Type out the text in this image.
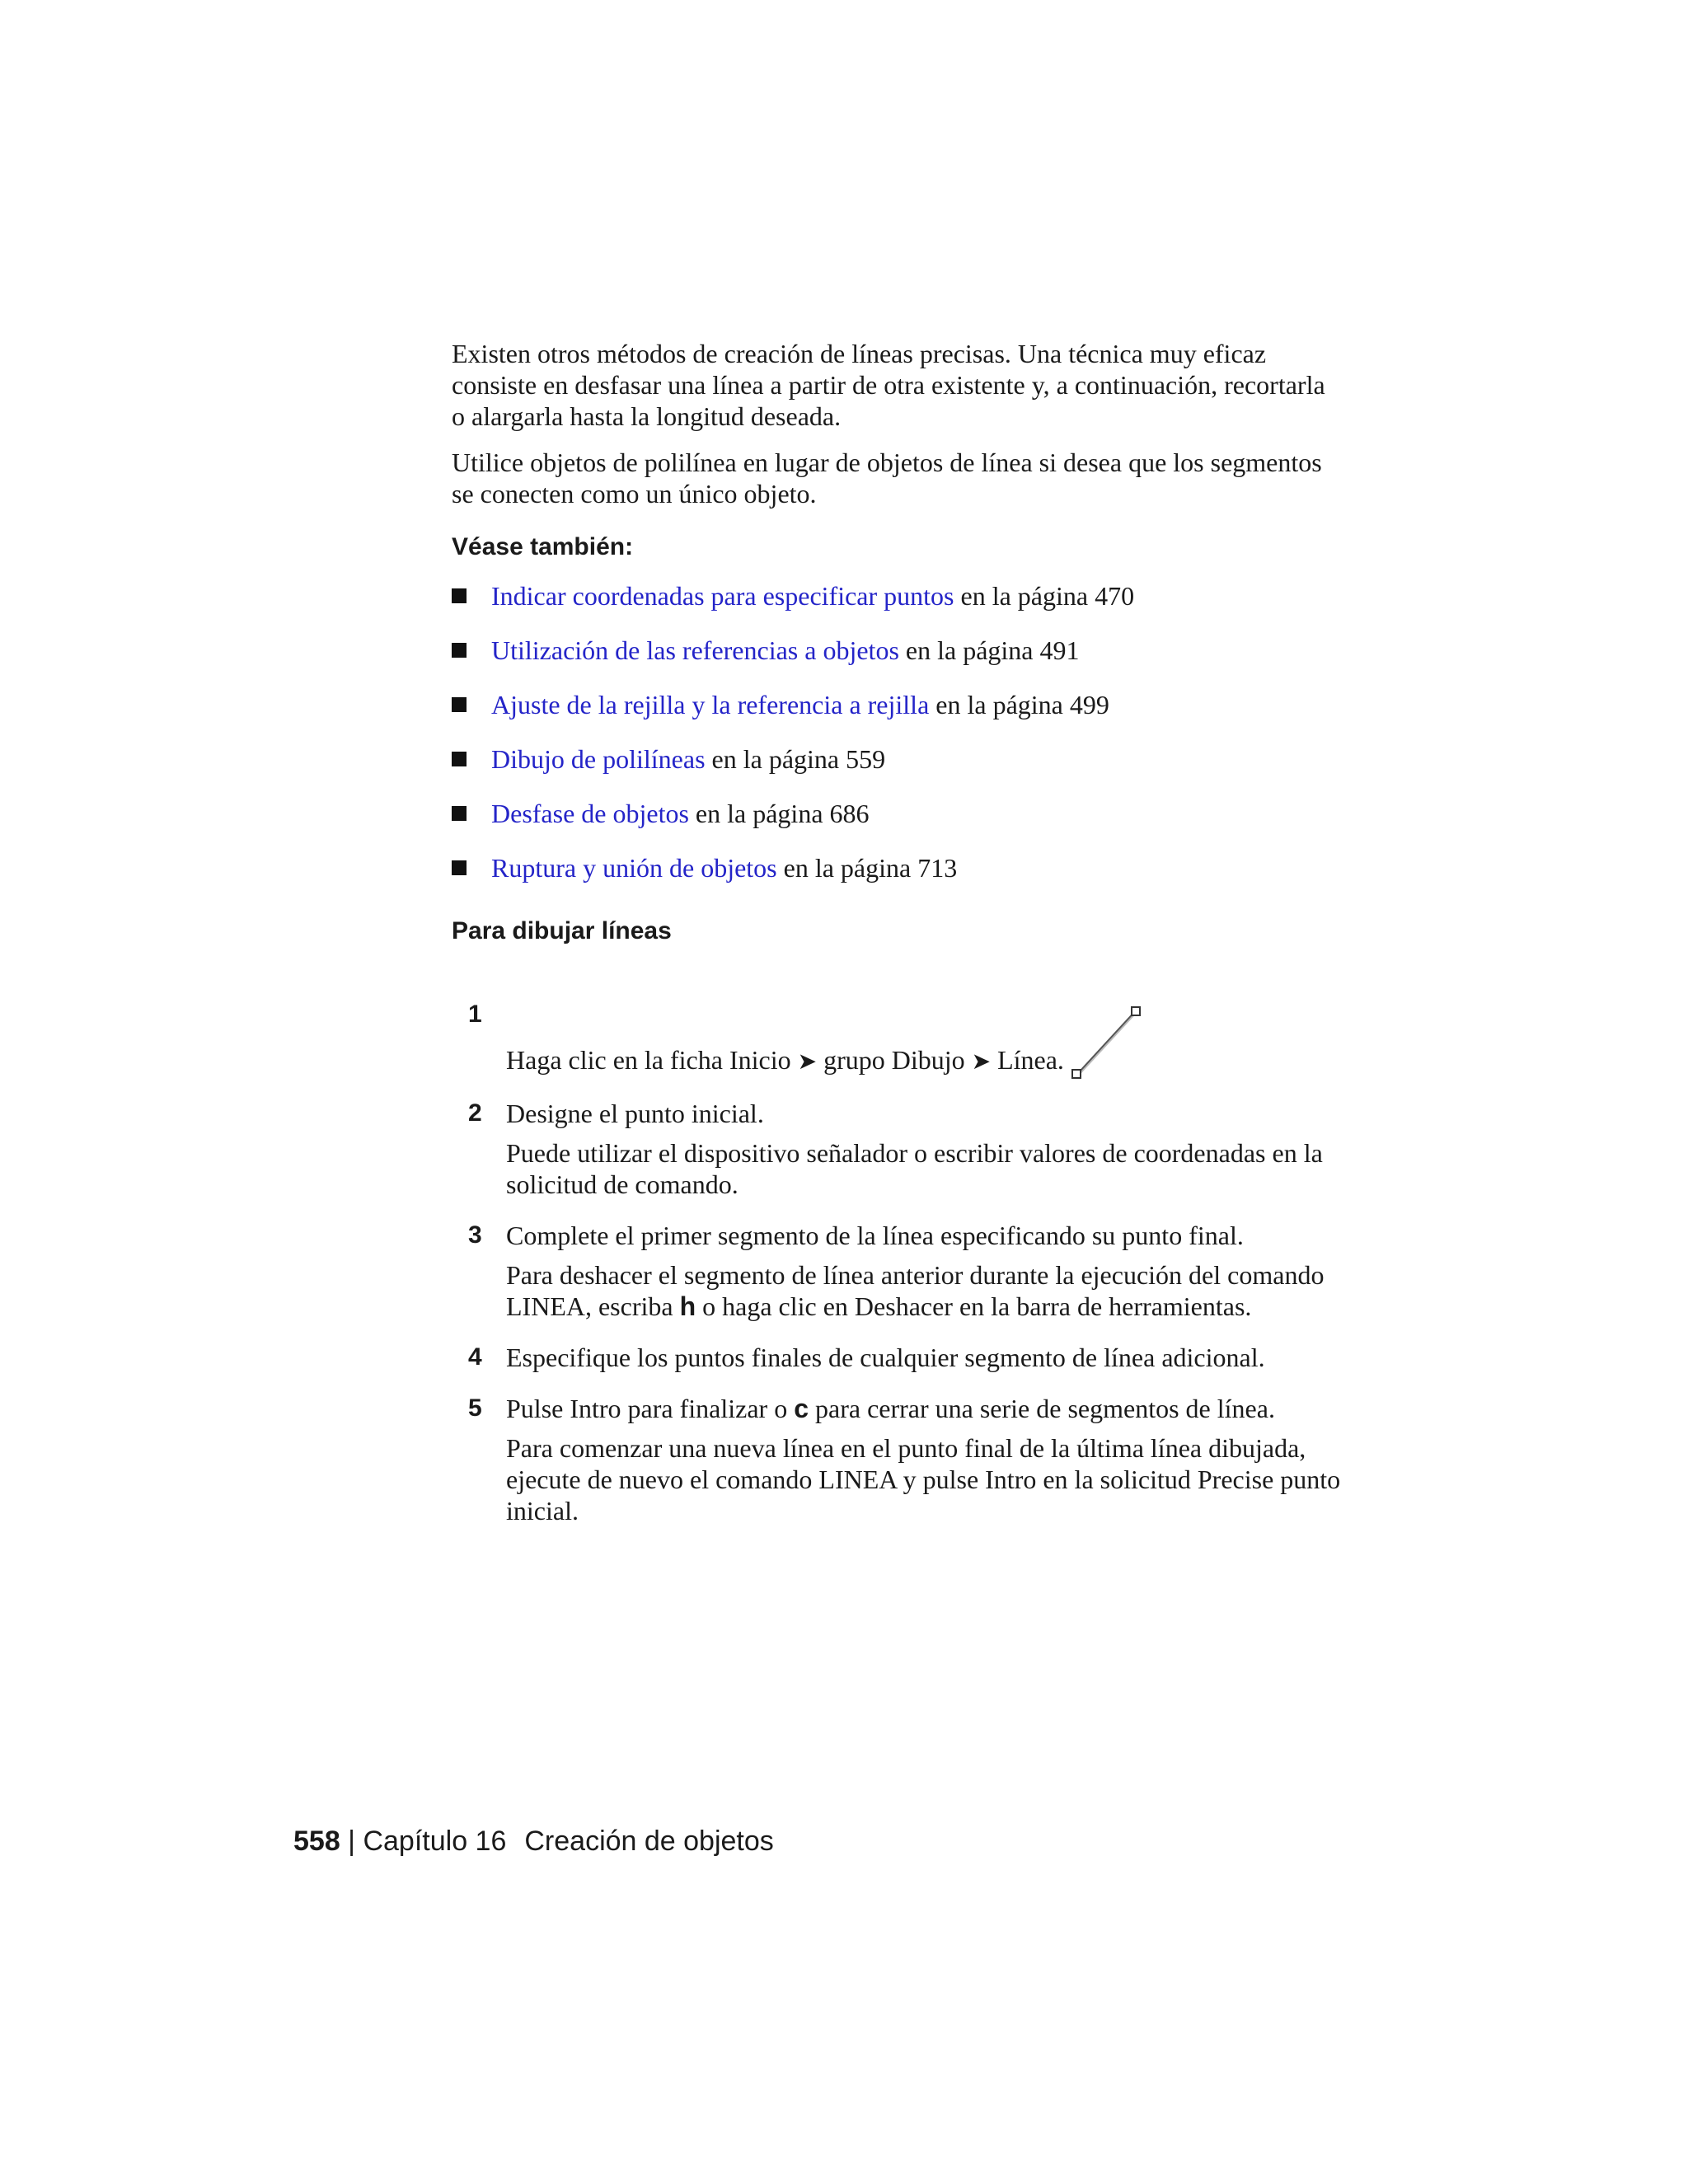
Existen otros métodos de creación de líneas precisas. Una técnica muy eficaz consiste en desfasar una línea a partir de otra existente y, a continuación, recortarla o alargarla hasta la longitud deseada.

Utilice objetos de polilínea en lugar de objetos de línea si desea que los segmentos se conecten como un único objeto.

Véase también:
Indicar coordenadas para especificar puntos en la página 470
Utilización de las referencias a objetos en la página 491
Ajuste de la rejilla y la referencia a rejilla en la página 499
Dibujo de polilíneas en la página 559
Desfase de objetos en la página 686
Ruptura y unión de objetos en la página 713
Para dibujar líneas
1

Haga clic en la ficha Inicio ➤ grupo Dibujo ➤ Línea.

2 Designe el punto inicial.

Puede utilizar el dispositivo señalador o escribir valores de coordenadas en la solicitud de comando.

3 Complete el primer segmento de la línea especificando su punto final.

Para deshacer el segmento de línea anterior durante la ejecución del comando LINEA, escriba h o haga clic en Deshacer en la barra de herramientas.

4 Especifique los puntos finales de cualquier segmento de línea adicional.

5 Pulse Intro para finalizar o c para cerrar una serie de segmentos de línea.

Para comenzar una nueva línea en el punto final de la última línea dibujada, ejecute de nuevo el comando LINEA y pulse Intro en la solicitud Precise punto inicial.

558 | Capítulo 16 Creación de objetos
